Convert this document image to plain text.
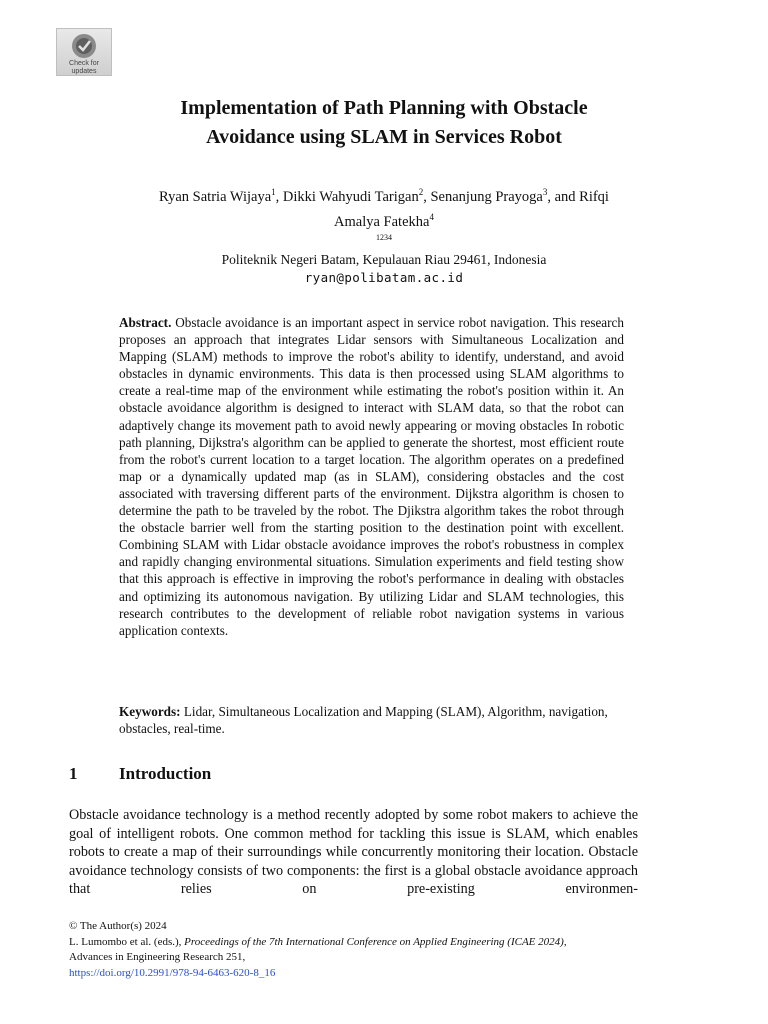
Check for
updates
Implementation of Path Planning with Obstacle
Avoidance using SLAM in Services Robot
Ryan Satria Wijaya$^1$, Dikki Wahyudi Tarigan$^2$, Senanjung Prayoga$^3$, and Rifqi
Amalya Fatekha$^4$
1234
Politeknik Negeri Batam, Kepulauan Riau 29461, Indonesia
ryan@polibatam.ac.id

Abstract. Obstacle avoidance is an important aspect in service robot navigation. This research proposes an approach that integrates Lidar sensors with Simultaneous Localization and Mapping (SLAM) methods to improve the robot's ability to identify, understand, and avoid obstacles in dynamic environments. This data is then processed using SLAM algorithms to create a real-time map of the environment while estimating the robot's position within it. An obstacle avoidance algorithm is designed to interact with SLAM data, so that the robot can adaptively change its movement path to avoid newly appearing or moving obstacles In robotic path planning, Dijkstra's algorithm can be applied to generate the shortest, most efficient route from the robot's current location to a target location. The algorithm operates on a predefined map or a dynamically updated map (as in SLAM), considering obstacles and the cost associated with traversing different parts of the environment. Dijkstra algorithm is chosen to determine the path to be traveled by the robot. The Djikstra algorithm takes the robot through the obstacle barrier well from the starting position to the destination point with excellent. Combining SLAM with Lidar obstacle avoidance improves the robot's robustness in complex and rapidly changing environmental situations. Simulation experiments and field testing show that this approach is effective in improving the robot's performance in dealing with obstacles and optimizing its autonomous navigation. By utilizing Lidar and SLAM technologies, this research contributes to the development of reliable robot navigation systems in various application contexts.

Keywords: Lidar, Simultaneous Localization and Mapping (SLAM), Algorithm, navigation, obstacles, real-time.

1 Introduction

Obstacle avoidance technology is a method recently adopted by some robot makers to achieve the goal of intelligent robots. One common method for tackling this issue is SLAM, which enables robots to create a map of their surroundings while concurrently monitoring their location. Obstacle avoidance technology consists of two components: the first is a global obstacle avoidance approach that relies on pre-existing environmen-

© The Author(s) 2024
L. Lumombo et al. (eds.), Proceedings of the 7th International Conference on Applied Engineering (ICAE 2024),
Advances in Engineering Research 251,
https://doi.org/10.2991/978-94-6463-620-8_16
